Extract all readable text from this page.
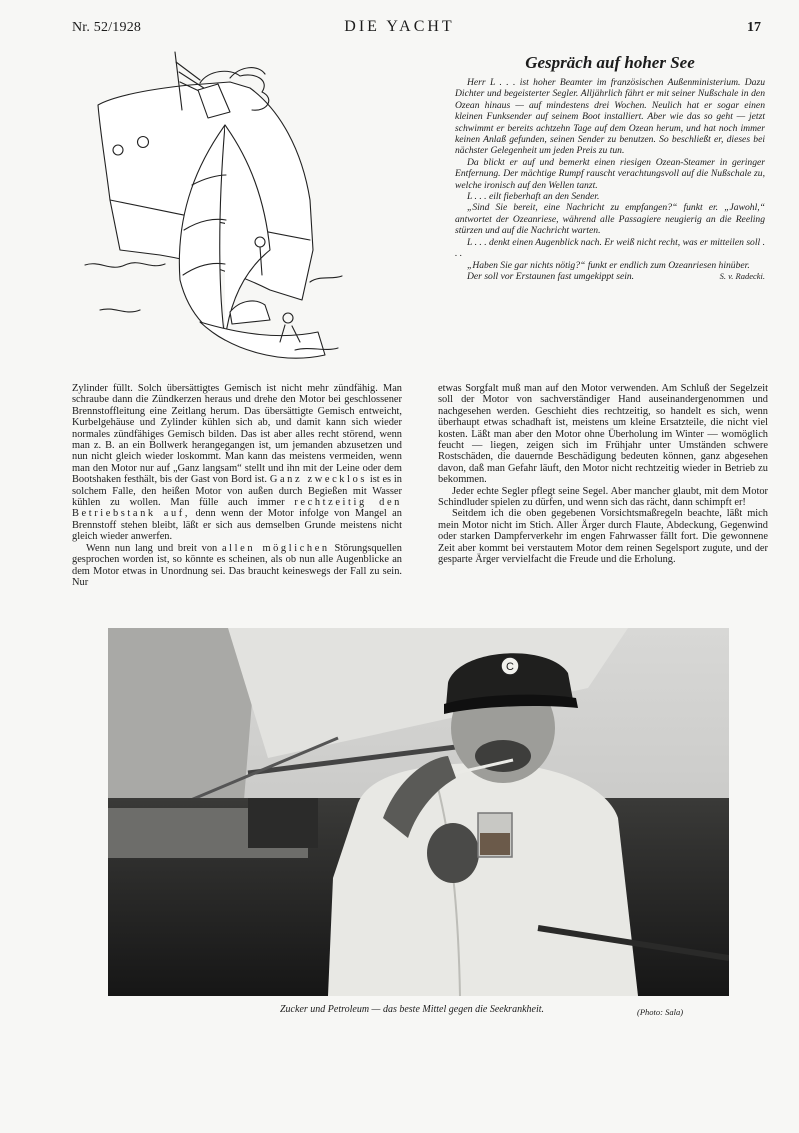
Nr. 52/1928	DIE YACHT	17
Gespräch auf hoher See

Herr L . . . ist hoher Beamter im französischen Außenministerium. Dazu Dichter und begeisterter Segler. Alljährlich fährt er mit seiner Nußschale in den Ozean hinaus — auf mindestens drei Wochen. Neulich hat er sogar einen kleinen Funksender auf seinem Boot installiert. Aber wie das so geht — jetzt schwimmt er bereits achtzehn Tage auf dem Ozean herum, und hat noch immer keinen Anlaß gefunden, seinen Sender zu benutzen. So beschließt er, dieses bei nächster Gelegenheit um jeden Preis zu tun.

Da blickt er auf und bemerkt einen riesigen Ozean-Steamer in geringer Entfernung. Der mächtige Rumpf rauscht verachtungsvoll auf die Nußschale zu, welche ironisch auf den Wellen tanzt.

L . . . eilt fieberhaft an den Sender.

„Sind Sie bereit, eine Nachricht zu empfangen?“ funkt er. „Jawohl,“ antwortet der Ozeanriese, während alle Passagiere neugierig an die Reeling stürzen und auf die Nachricht warten.

L . . . denkt einen Augenblick nach. Er weiß nicht recht, was er mitteilen soll . . .

„Haben Sie gar nichts nötig?“ funkt er endlich zum Ozeanriesen hinüber.

Der soll vor Erstaunen fast umgekippt sein.	S. v. Radecki.

Zylinder füllt. Solch übersättigtes Gemisch ist nicht mehr zündfähig. Man schraube dann die Zündkerzen heraus und drehe den Motor bei geschlossener Brennstoffleitung eine Zeitlang herum. Das übersättigte Gemisch entweicht, Kurbelgehäuse und Zylinder kühlen sich ab, und damit kann sich wieder normales zündfähiges Gemisch bilden. Das ist aber alles recht störend, wenn man z. B. an ein Bollwerk herangegangen ist, um jemanden abzusetzen und nun nicht gleich wieder loskommt. Man kann das meistens vermeiden, wenn man den Motor nur auf „Ganz langsam“ stellt und ihn mit der Leine oder dem Bootshaken festhält, bis der Gast von Bord ist. Ganz zwecklos ist es in solchem Falle, den heißen Motor von außen durch Begießen mit Wasser kühlen zu wollen. Man fülle auch immer rechtzeitig den Betriebstank auf, denn wenn der Motor infolge von Mangel an Brennstoff stehen bleibt, läßt er sich aus demselben Grunde meistens nicht gleich wieder anwerfen.

Wenn nun lang und breit von allen möglichen Störungsquellen gesprochen worden ist, so könnte es scheinen, als ob nun alle Augenblicke an dem Motor etwas in Unordnung sei. Das braucht keineswegs der Fall zu sein. Nur

etwas Sorgfalt muß man auf den Motor verwenden. Am Schluß der Segelzeit soll der Motor von sachverständiger Hand auseinandergenommen und nachgesehen werden. Geschieht dies rechtzeitig, so handelt es sich, wenn überhaupt etwas schadhaft ist, meistens um kleine Ersatzteile, die nicht viel kosten. Läßt man aber den Motor ohne Überholung im Winter — womöglich feucht — liegen, zeigen sich im Frühjahr unter Umständen schwere Rostschäden, die dauernde Beschädigung bedeuten können, ganz abgesehen davon, daß man Gefahr läuft, den Motor nicht rechtzeitig wieder in Betrieb zu bekommen.

Jeder echte Segler pflegt seine Segel. Aber mancher glaubt, mit dem Motor Schindluder spielen zu dürfen, und wenn sich das rächt, dann schimpft er!

Seitdem ich die oben gegebenen Vorsichtsmaßregeln beachte, läßt mich mein Motor nicht im Stich. Aller Ärger durch Flaute, Abdeckung, Gegenwind oder starken Dampferverkehr im engen Fahrwasser fällt fort. Die gewonnene Zeit aber kommt bei verstautem Motor dem reinen Segelsport zugute, und der gesparte Ärger vervielfacht die Freude und die Erholung.

C
Zucker und Petroleum — das beste Mittel gegen die Seekrankheit.	(Photo: Sala)
